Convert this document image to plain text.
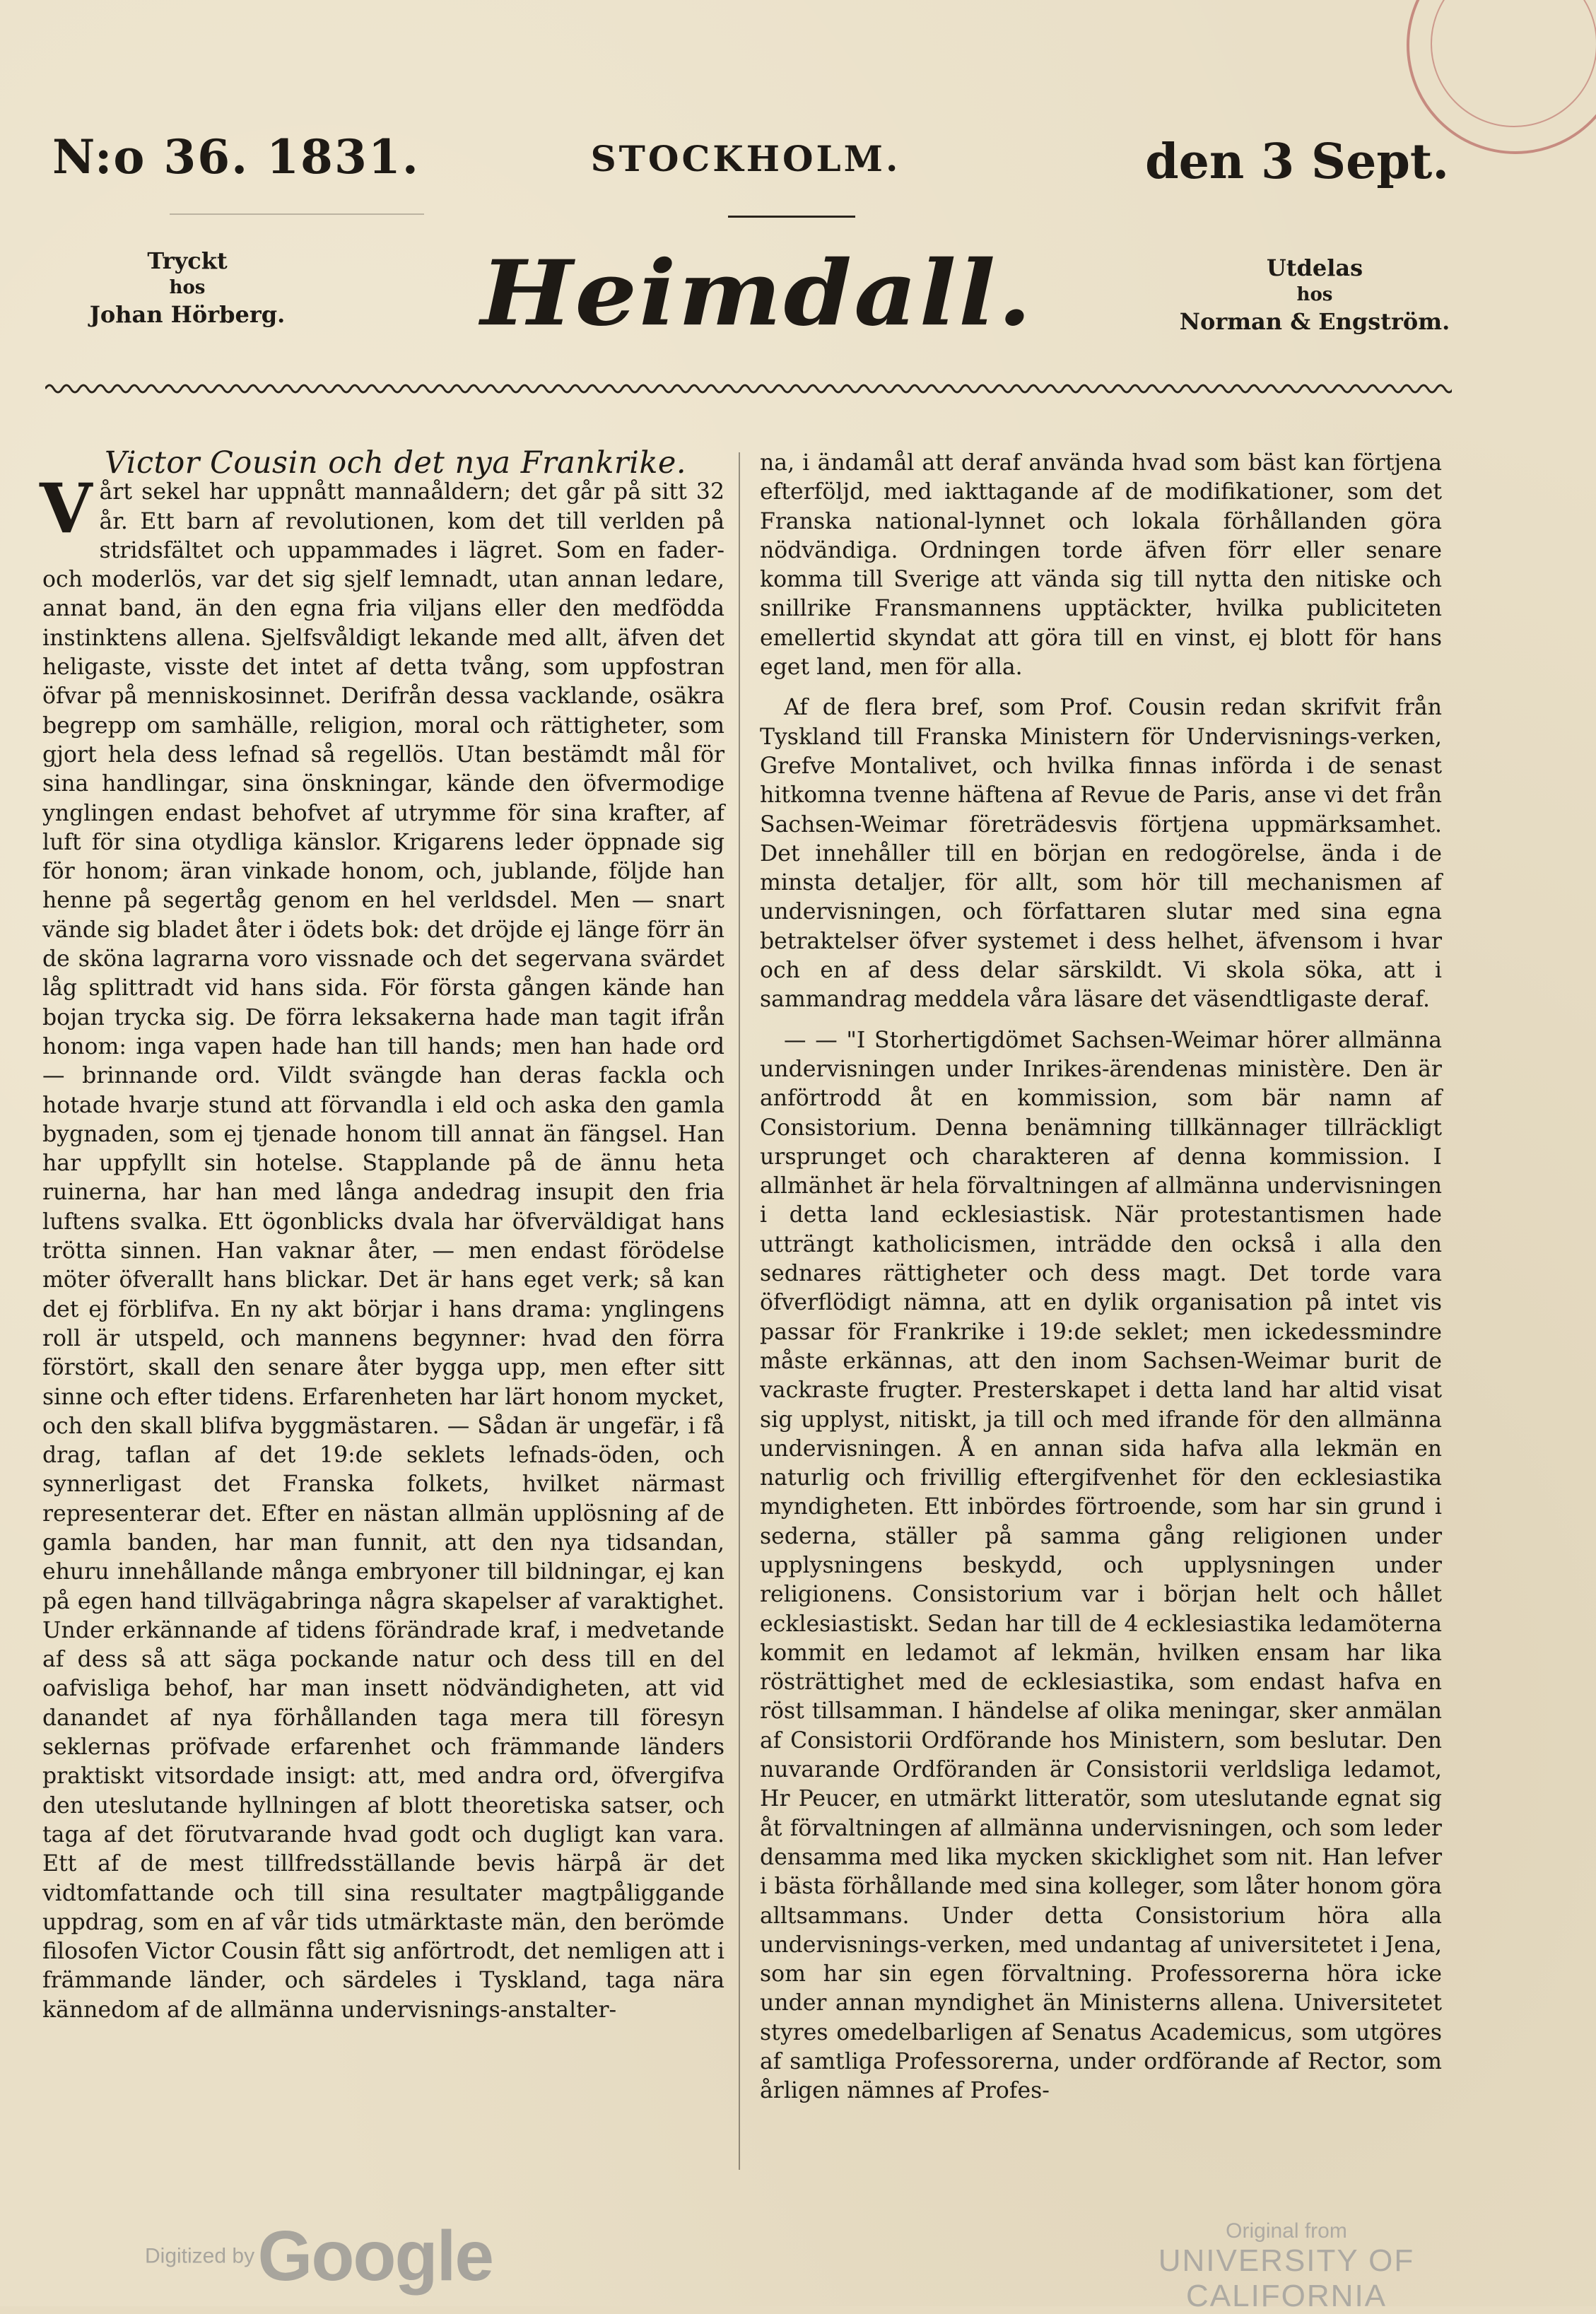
N:o 36. 1831.	STOCKHOLM.	den 3 Sept.
Tryckt
hos
Johan Hörberg. Heimdall.	Utdelas
hos
Norman & Engström.

Victor Cousin och det nya Frankrike.

Vårt sekel har uppnått mannaåldern; det går på sitt 32 år. Ett barn af revolutionen, kom det till verlden på stridsfältet och uppammades i lägret. Som en fader- och moderlös, var det sig sjelf lemnadt, utan annan ledare, annat band, än den egna fria viljans eller den medfödda instinktens allena. Sjelfsvåldigt lekande med allt, äfven det heligaste, visste det intet af detta tvång, som uppfostran öfvar på menniskosinnet. Derifrån dessa vacklande, osäkra begrepp om samhälle, religion, moral och rättigheter, som gjort hela dess lefnad så regellös. Utan bestämdt mål för sina handlingar, sina önskningar, kände den öfvermodige ynglingen endast behofvet af utrymme för sina krafter, af luft för sina otydliga känslor. Krigarens leder öppnade sig för honom; äran vinkade honom, och, jublande, följde han henne på segertåg genom en hel verldsdel. Men — snart vände sig bladet åter i ödets bok: det dröjde ej länge förr än de sköna lagrarna voro vissnade och det segervana svärdet låg splittradt vid hans sida. För första gången kände han bojan trycka sig. De förra leksakerna hade man tagit ifrån honom: inga vapen hade han till hands; men han hade ord — brinnande ord. Vildt svängde han deras fackla och hotade hvarje stund att förvandla i eld och aska den gamla bygnaden, som ej tjenade honom till annat än fängsel. Han har uppfyllt sin hotelse. Stapplande på de ännu heta ruinerna, har han med långa andedrag insupit den fria luftens svalka. Ett ögonblicks dvala har öfverväldigat hans trötta sinnen. Han vaknar åter, — men endast förödelse möter öfverallt hans blickar. Det är hans eget verk; så kan det ej förblifva. En ny akt börjar i hans drama: ynglingens roll är utspeld, och mannens begynner: hvad den förra förstört, skall den senare åter bygga upp, men efter sitt sinne och efter tidens. Erfarenheten har lärt honom mycket, och den skall blifva byggmästaren. — Sådan är ungefär, i få drag, taflan af det 19:de seklets lefnads-öden, och synnerligast det Franska folkets, hvilket närmast representerar det. Efter en nästan allmän upplösning af de gamla banden, har man funnit, att den nya tidsandan, ehuru innehållande många embryoner till bildningar, ej kan på egen hand tillvägabringa några skapelser af varaktighet. Under erkännande af tidens förändrade kraf, i medvetande af dess så att säga pockande natur och dess till en del oafvisliga behof, har man insett nödvändigheten, att vid danandet af nya förhållanden taga mera till föresyn seklernas pröfvade erfarenhet och främmande länders praktiskt vitsordade insigt: att, med andra ord, öfvergifva den uteslutande hyllningen af blott theoretiska satser, och taga af det förutvarande hvad godt och dugligt kan vara. Ett af de mest tillfredsställande bevis härpå är det vidtomfattande och till sina resultater magtpåliggande uppdrag, som en af vår tids utmärktaste män, den berömde filosofen Victor Cousin fått sig anförtrodt, det nemligen att i främmande länder, och särdeles i Tyskland, taga nära kännedom af de allmänna undervisnings-anstalter-

na, i ändamål att deraf använda hvad som bäst kan förtjena efterföljd, med iakttagande af de modifikationer, som det Franska national-lynnet och lokala förhållanden göra nödvändiga. Ordningen torde äfven förr eller senare komma till Sverige att vända sig till nytta den nitiske och snillrike Fransmannens upptäckter, hvilka publiciteten emellertid skyndat att göra till en vinst, ej blott för hans eget land, men för alla.

Af de flera bref, som Prof. Cousin redan skrifvit från Tyskland till Franska Ministern för Undervisnings-verken, Grefve Montalivet, och hvilka finnas införda i de senast hitkomna tvenne häftena af Revue de Paris, anse vi det från Sachsen-Weimar företrädesvis förtjena uppmärksamhet. Det innehåller till en början en redogörelse, ända i de minsta detaljer, för allt, som hör till mechanismen af undervisningen, och författaren slutar med sina egna betraktelser öfver systemet i dess helhet, äfvensom i hvar och en af dess delar särskildt. Vi skola söka, att i sammandrag meddela våra läsare det väsendtligaste deraf.

— — "I Storhertigdömet Sachsen-Weimar hörer allmänna undervisningen under Inrikes-ärendenas ministère. Den är anförtrodd åt en kommission, som bär namn af Consistorium. Denna benämning tillkännager tillräckligt ursprunget och charakteren af denna kommission. I allmänhet är hela förvaltningen af allmänna undervisningen i detta land ecklesiastisk. När protestantismen hade utträngt katholicismen, inträdde den också i alla den sednares rättigheter och dess magt. Det torde vara öfverflödigt nämna, att en dylik organisation på intet vis passar för Frankrike i 19:de seklet; men ickedessmindre måste erkännas, att den inom Sachsen-Weimar burit de vackraste frugter. Presterskapet i detta land har altid visat sig upplyst, nitiskt, ja till och med ifrande för den allmänna undervisningen. Å en annan sida hafva alla lekmän en naturlig och frivillig eftergifvenhet för den ecklesiastika myndigheten. Ett inbördes förtroende, som har sin grund i sederna, ställer på samma gång religionen under upplysningens beskydd, och upplysningen under religionens. Consistorium var i början helt och hållet ecklesiastiskt. Sedan har till de 4 ecklesiastika ledamöterna kommit en ledamot af lekmän, hvilken ensam har lika rösträttighet med de ecklesiastika, som endast hafva en röst tillsamman. I händelse af olika meningar, sker anmälan af Consistorii Ordförande hos Ministern, som beslutar. Den nuvarande Ordföranden är Consistorii verldsliga ledamot, Hr Peucer, en utmärkt litteratör, som uteslutande egnat sig åt förvaltningen af allmänna undervisningen, och som leder densamma med lika mycken skicklighet som nit. Han lefver i bästa förhållande med sina kolleger, som låter honom göra alltsammans. Under detta Consistorium höra alla undervisnings-verken, med undantag af universitetet i Jena, som har sin egen förvaltning. Professorerna höra icke under annan myndighet än Ministerns allena. Universitetet styres omedelbarligen af Senatus Academicus, som utgöres af samtliga Professorerna, under ordförande af Rector, som årligen nämnes af Profes-

Digitized by Google	Original from
UNIVERSITY OF CALIFORNIA
